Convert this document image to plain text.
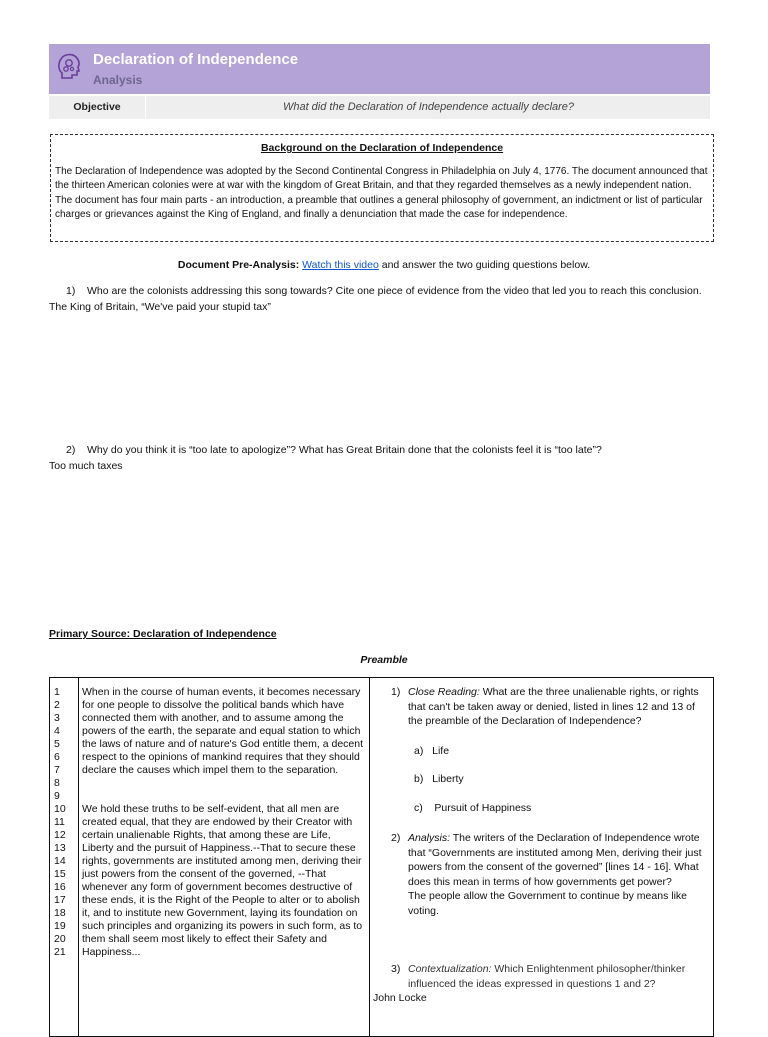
Declaration of Independence
Analysis
Objective	What did the Declaration of Independence actually declare?
Background on the Declaration of Independence
The Declaration of Independence was adopted by the Second Continental Congress in Philadelphia on July 4, 1776. The document announced that the thirteen American colonies were at war with the kingdom of Great Britain, and that they regarded themselves as a newly independent nation. The document has four main parts - an introduction, a preamble that outlines a general philosophy of government, an indictment or list of particular charges or grievances against the King of England, and finally a denunciation that made the case for independence.
Document Pre-Analysis: Watch this video and answer the two guiding questions below.
1) Who are the colonists addressing this song towards? Cite one piece of evidence from the video that led you to reach this conclusion.
The King of Britain, “We've paid your stupid tax”
2) Why do you think it is “too late to apologize”? What has Great Britain done that the colonists feel it is “too late”?
Too much taxes
Primary Source: Declaration of Independence
Preamble
1
2
3
4
5
6
7
8
9
10
11
12
13
14
15
16
17
18
19
20
21
When in the course of human events, it becomes necessary for one people to dissolve the political bands which have connected them with another, and to assume among the powers of the earth, the separate and equal station to which the laws of nature and of nature's God entitle them, a decent respect to the opinions of mankind requires that they should declare the causes which impel them to the separation.
We hold these truths to be self-evident, that all men are created equal, that they are endowed by their Creator with certain unalienable Rights, that among these are Life, Liberty and the pursuit of Happiness.--That to secure these rights, governments are instituted among men, deriving their just powers from the consent of the governed, --That whenever any form of government becomes destructive of these ends, it is the Right of the People to alter or to abolish it, and to institute new Government, laying its foundation on such principles and organizing its powers in such form, as to them shall seem most likely to effect their Safety and Happiness...
1) Close Reading: What are the three unalienable rights, or rights that can't be taken away or denied, listed in lines 12 and 13 of the preamble of the Declaration of Independence?
a) Life
b) Liberty
c) Pursuit of Happiness
2) Analysis: The writers of the Declaration of Independence wrote that “Governments are instituted among Men, deriving their just powers from the consent of the governed” [lines 14 - 16]. What does this mean in terms of how governments get power?
The people allow the Government to continue by means like voting.
3) Contextualization: Which Enlightenment philosopher/thinker influenced the ideas expressed in questions 1 and 2?
John Locke
